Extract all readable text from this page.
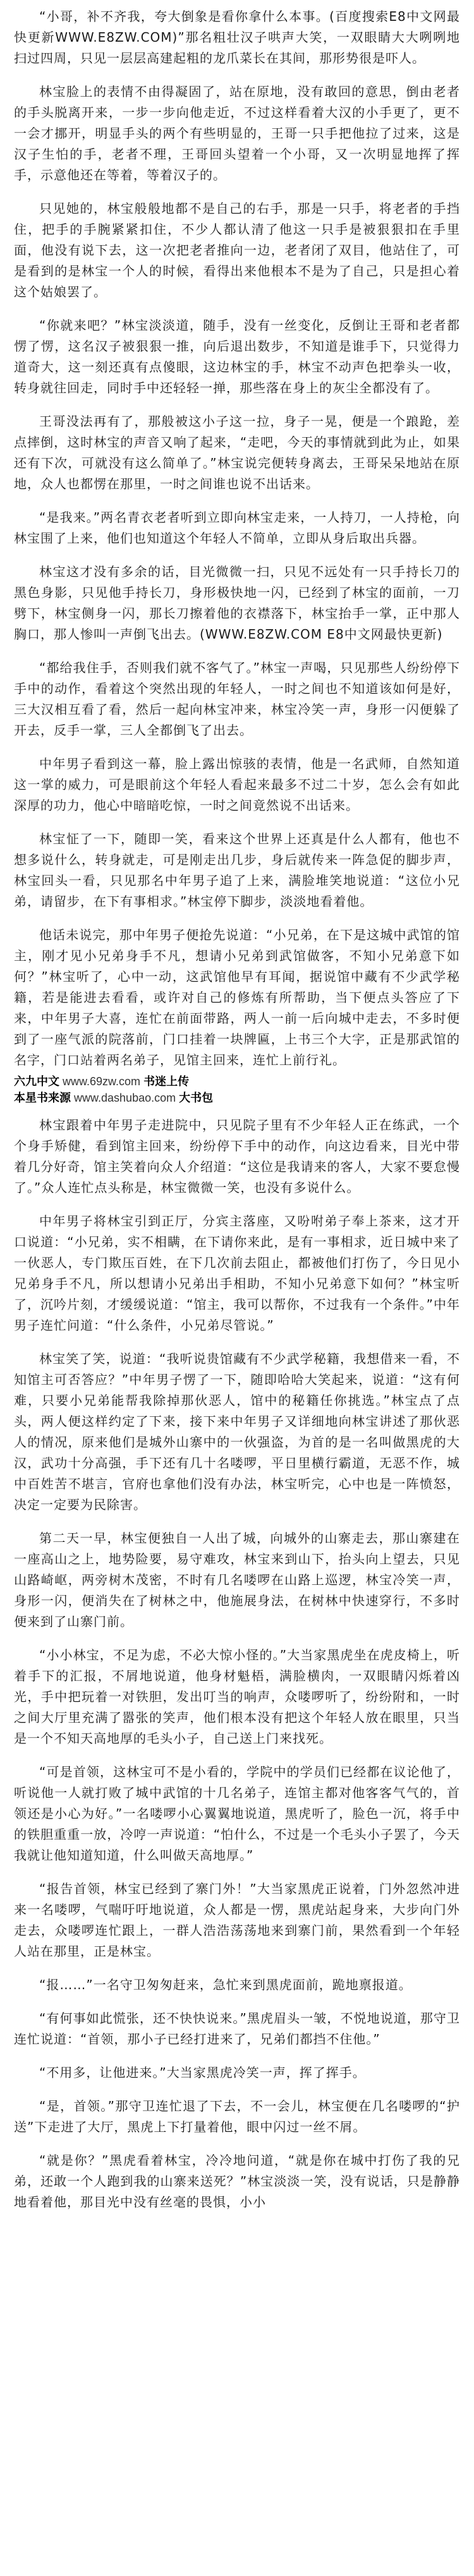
“小哥，补不齐我，夸大倒象是看你拿什么本事。(百度搜索E8中文网最快更新WWW.E8ZW.COM)”那名粗壮汉子哄声大笑，一双眼睛大大咧咧地扫过四周，只见一层层高建起粗的龙爪菜长在其间，那形势很是吓人。

林宝脸上的表情不由得凝固了，站在原地，没有敢回的意思，倒由老者的手头脱离开来，一步一步向他走近，不过这样看着大汉的小手更了，更不一会才挪开，明显手头的两个有些明显的，王哥一只手把他拉了过来，这是汉子生怕的手，老者不理，王哥回头望着一个小哥，又一次明显地挥了挥手，示意他还在等着，等着汉子的。

只见她的，林宝般般地都不是自己的右手，那是一只手，将老者的手挡住，把手的手腕紧紧扣住，不少人都认清了他这一只手是被狠狠扣在手里面，他没有说下去，这一次把老者推向一边，老者闭了双目，他站住了，可是看到的是林宝一个人的时候，看得出来他根本不是为了自己，只是担心着这个姑娘罢了。

“你就来吧？”林宝淡淡道，随手，没有一丝变化，反倒让王哥和老者都愣了愣，这名汉子被狠狠一推，向后退出数步，不知道是谁手下，只觉得力道奇大，这一刻还真有点傻眼，这边林宝的手，林宝不动声色把拳头一收，转身就往回走，同时手中还轻轻一掸，那些落在身上的灰尘全都没有了。

王哥没法再有了，那般被这小子这一拉，身子一晃，便是一个踉跄，差点摔倒，这时林宝的声音又响了起来，“走吧，今天的事情就到此为止，如果还有下次，可就没有这么简单了。”林宝说完便转身离去，王哥呆呆地站在原地，众人也都愣在那里，一时之间谁也说不出话来。

“是我来。”两名青衣老者听到立即向林宝走来，一人持刀，一人持枪，向林宝围了上来，他们也知道这个年轻人不简单，立即从身后取出兵器。

林宝这才没有多余的话，目光微微一扫，只见不远处有一只手持长刀的黑色身影，只见他手持长刀，身形极快地一闪，已经到了林宝的面前，一刀劈下，林宝侧身一闪，那长刀擦着他的衣襟落下，林宝抬手一掌，正中那人胸口，那人惨叫一声倒飞出去。(WWW.E8ZW.COM E8中文网最快更新)

“都给我住手，否则我们就不客气了。”林宝一声喝，只见那些人纷纷停下手中的动作，看着这个突然出现的年轻人，一时之间也不知道该如何是好，三大汉相互看了看，然后一起向林宝冲来，林宝冷笑一声，身形一闪便躲了开去，反手一掌，三人全都倒飞了出去。

中年男子看到这一幕，脸上露出惊骇的表情，他是一名武师，自然知道这一掌的威力，可是眼前这个年轻人看起来最多不过二十岁，怎么会有如此深厚的功力，他心中暗暗吃惊，一时之间竟然说不出话来。

林宝怔了一下，随即一笑，看来这个世界上还真是什么人都有，他也不想多说什么，转身就走，可是刚走出几步，身后就传来一阵急促的脚步声，林宝回头一看，只见那名中年男子追了上来，满脸堆笑地说道：“这位小兄弟，请留步，在下有事相求。”林宝停下脚步，淡淡地看着他。

他话未说完，那中年男子便抢先说道：“小兄弟，在下是这城中武馆的馆主，刚才见小兄弟身手不凡，想请小兄弟到武馆做客，不知小兄弟意下如何？”林宝听了，心中一动，这武馆他早有耳闻，据说馆中藏有不少武学秘籍，若是能进去看看，或许对自己的修炼有所帮助，当下便点头答应了下来，中年男子大喜，连忙在前面带路，两人一前一后向城中走去，不多时便到了一座气派的院落前，门口挂着一块牌匾，上书三个大字，正是那武馆的名字，门口站着两名弟子，见馆主回来，连忙上前行礼。

六九中文 www.69zw.com 书迷上传
本星书来源 www.dashubao.com 大书包

林宝跟着中年男子走进院中，只见院子里有不少年轻人正在练武，一个个身手矫健，看到馆主回来，纷纷停下手中的动作，向这边看来，目光中带着几分好奇，馆主笑着向众人介绍道：“这位是我请来的客人，大家不要怠慢了。”众人连忙点头称是，林宝微微一笑，也没有多说什么。

中年男子将林宝引到正厅，分宾主落座，又吩咐弟子奉上茶来，这才开口说道：“小兄弟，实不相瞒，在下请你来此，是有一事相求，近日城中来了一伙恶人，专门欺压百姓，在下几次前去阻止，都被他们打伤了，今日见小兄弟身手不凡，所以想请小兄弟出手相助，不知小兄弟意下如何？”林宝听了，沉吟片刻，才缓缓说道：“馆主，我可以帮你，不过我有一个条件。”中年男子连忙问道：“什么条件，小兄弟尽管说。”

林宝笑了笑，说道：“我听说贵馆藏有不少武学秘籍，我想借来一看，不知馆主可否答应？”中年男子愣了一下，随即哈哈大笑起来，说道：“这有何难，只要小兄弟能帮我除掉那伙恶人，馆中的秘籍任你挑选。”林宝点了点头，两人便这样约定了下来，接下来中年男子又详细地向林宝讲述了那伙恶人的情况，原来他们是城外山寨中的一伙强盗，为首的是一名叫做黑虎的大汉，武功十分高强，手下还有几十名喽啰，平日里横行霸道，无恶不作，城中百姓苦不堪言，官府也拿他们没有办法，林宝听完，心中也是一阵愤怒，决定一定要为民除害。

第二天一早，林宝便独自一人出了城，向城外的山寨走去，那山寨建在一座高山之上，地势险要，易守难攻，林宝来到山下，抬头向上望去，只见山路崎岖，两旁树木茂密，不时有几名喽啰在山路上巡逻，林宝冷笑一声，身形一闪，便消失在了树林之中，他施展身法，在树林中快速穿行，不多时便来到了山寨门前。

“小小林宝，不足为虑，不必大惊小怪的。”大当家黑虎坐在虎皮椅上，听着手下的汇报，不屑地说道，他身材魁梧，满脸横肉，一双眼睛闪烁着凶光，手中把玩着一对铁胆，发出叮当的响声，众喽啰听了，纷纷附和，一时之间大厅里充满了嚣张的笑声，他们根本没有把这个年轻人放在眼里，只当是一个不知天高地厚的毛头小子，自己送上门来找死。

“可是首领，这林宝可不是小看的，学院中的学员们已经都在议论他了，听说他一人就打败了城中武馆的十几名弟子，连馆主都对他客客气气的，首领还是小心为好。”一名喽啰小心翼翼地说道，黑虎听了，脸色一沉，将手中的铁胆重重一放，冷哼一声说道：“怕什么，不过是一个毛头小子罢了，今天我就让他知道知道，什么叫做天高地厚。”

“报告首领，林宝已经到了寨门外！”大当家黑虎正说着，门外忽然冲进来一名喽啰，气喘吁吁地说道，众人都是一愣，黑虎站起身来，大步向门外走去，众喽啰连忙跟上，一群人浩浩荡荡地来到寨门前，果然看到一个年轻人站在那里，正是林宝。

“报……”一名守卫匆匆赶来，急忙来到黑虎面前，跪地禀报道。

“有何事如此慌张，还不快快说来。”黑虎眉头一皱，不悦地说道，那守卫连忙说道：“首领，那小子已经打进来了，兄弟们都挡不住他。”

“不用多，让他进来。”大当家黑虎冷笑一声，挥了挥手。

“是，首领。”那守卫连忙退了下去，不一会儿，林宝便在几名喽啰的“护送”下走进了大厅，黑虎上下打量着他，眼中闪过一丝不屑。

“就是你？”黑虎看着林宝，冷冷地问道，“就是你在城中打伤了我的兄弟，还敢一个人跑到我的山寨来送死？”林宝淡淡一笑，没有说话，只是静静地看着他，那目光中没有丝毫的畏惧，小小
